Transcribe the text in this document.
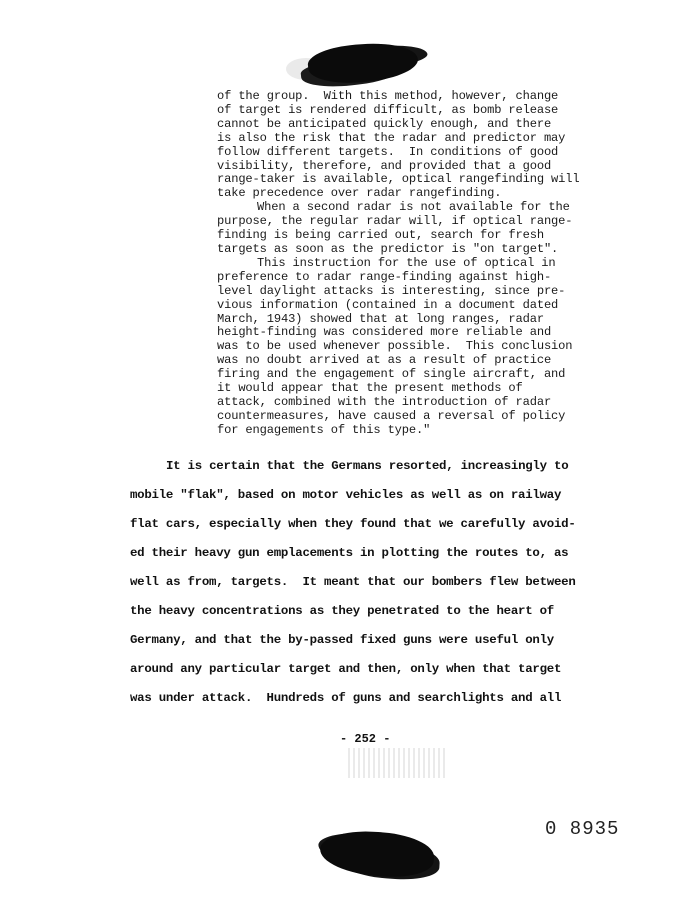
of the group.  With this method, however, change
of target is rendered difficult, as bomb release
cannot be anticipated quickly enough, and there
is also the risk that the radar and predictor may
follow different targets.  In conditions of good
visibility, therefore, and provided that a good
range-taker is available, optical rangefinding will
take precedence over radar rangefinding.

When a second radar is not available for the
purpose, the regular radar will, if optical range-
finding is being carried out, search for fresh
targets as soon as the predictor is "on target".

This instruction for the use of optical in
preference to radar range-finding against high-
level daylight attacks is interesting, since pre-
vious information (contained in a document dated
March, 1943) showed that at long ranges, radar
height-finding was considered more reliable and
was to be used whenever possible.  This conclusion
was no doubt arrived at as a result of practice
firing and the engagement of single aircraft, and
it would appear that the present methods of
attack, combined with the introduction of radar
countermeasures, have caused a reversal of policy
for engagements of this type."

It is certain that the Germans resorted, increasingly to
mobile "flak", based on motor vehicles as well as on railway
flat cars, especially when they found that we carefully avoid-
ed their heavy gun emplacements in plotting the routes to, as
well as from, targets.  It meant that our bombers flew between
the heavy concentrations as they penetrated to the heart of
Germany, and that the by-passed fixed guns were useful only
around any particular target and then, only when that target
was under attack.  Hundreds of guns and searchlights and all
- 252 -
0 8935
